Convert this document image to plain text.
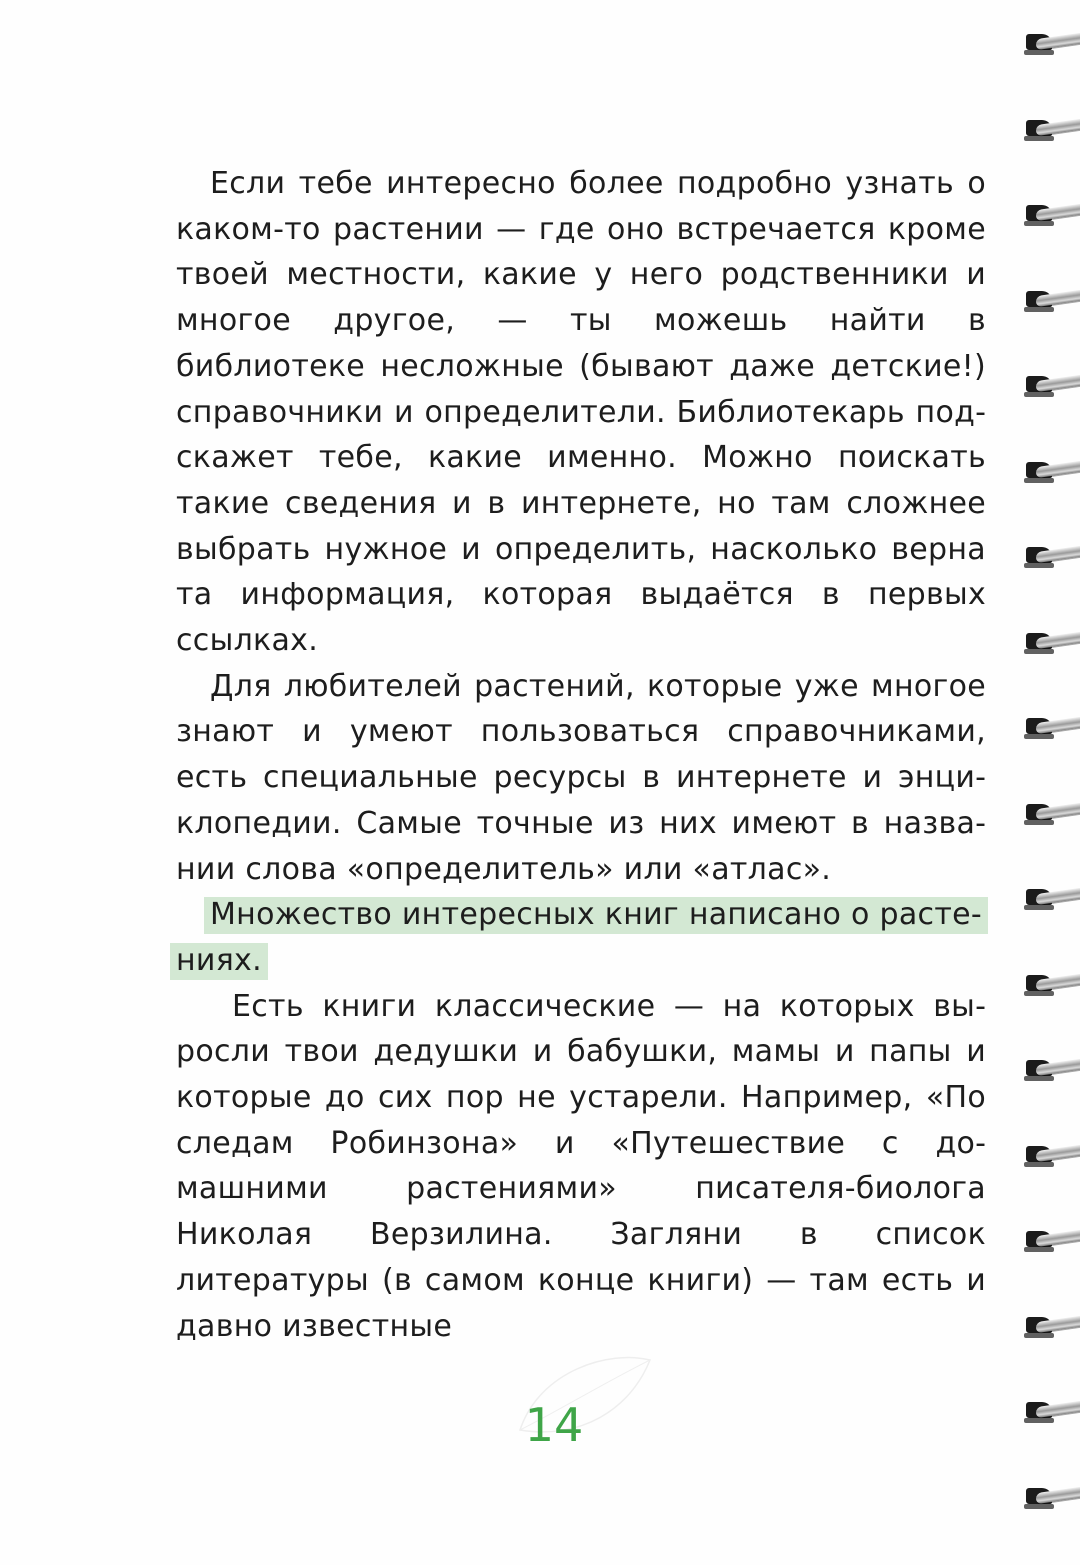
Если тебе интересно более подробно узнать о каком-то растении — где оно встречается кроме твоей местности, какие у него родственники и многое другое, — ты можешь найти в библиотеке несложные (бывают даже детские!) справочники и определители. Библиотекарь подскажет тебе, какие именно. Можно поискать такие сведения и в интернете, но там сложнее выбрать нужное и определить, насколько верна та информация, которая выдаётся в первых ссылках.

Для любителей растений, которые уже многое знают и умеют пользоваться справочниками, есть специальные ресурсы в интернете и энциклопедии. Самые точные из них имеют в названии слова «определитель» или «атлас».

Множество интересных книг написано о растениях.

Есть книги классические — на которых выросли твои дедушки и бабушки, мамы и папы и которые до сих пор не устарели. Например, «По следам Робинзона» и «Путешествие с домашними растениями» писателя-биолога Николая Верзилина. Загляни в список литературы (в самом конце книги) — там есть и давно известные

14
